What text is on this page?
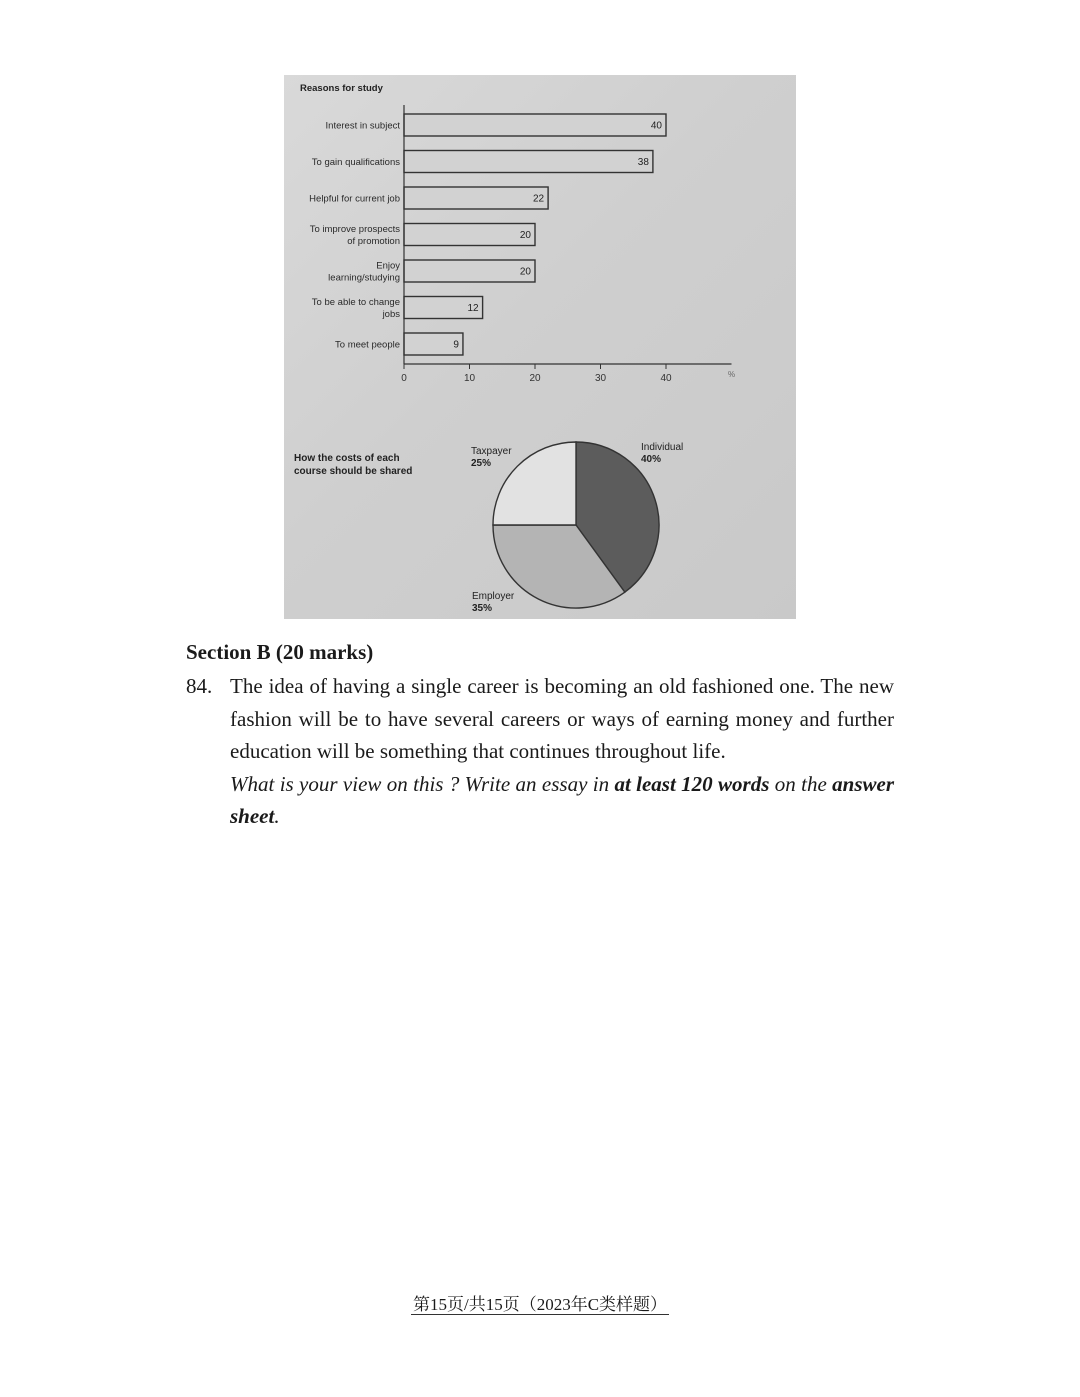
Reasons for study
40
Interest in subject
38
To gain qualifications
22
Helpful for current job
20
To improve prospects
of promotion
20
Enjoy
learning/studying
12
To be able to change
jobs
9
To meet people
0	10	20	30	40	%
How the costs of each
course should be shared
Individual
40%
Employer
35%
Taxpayer
25%
Section B (20 marks)
84. The idea of having a single career is becoming an old fashioned one. The new fashion will be to have several careers or ways of earning money and further education will be something that continues throughout life.

What is your view on this ? Write an essay in at least 120 words on the answer sheet.

第15页/共15页（2023年C类样题）
